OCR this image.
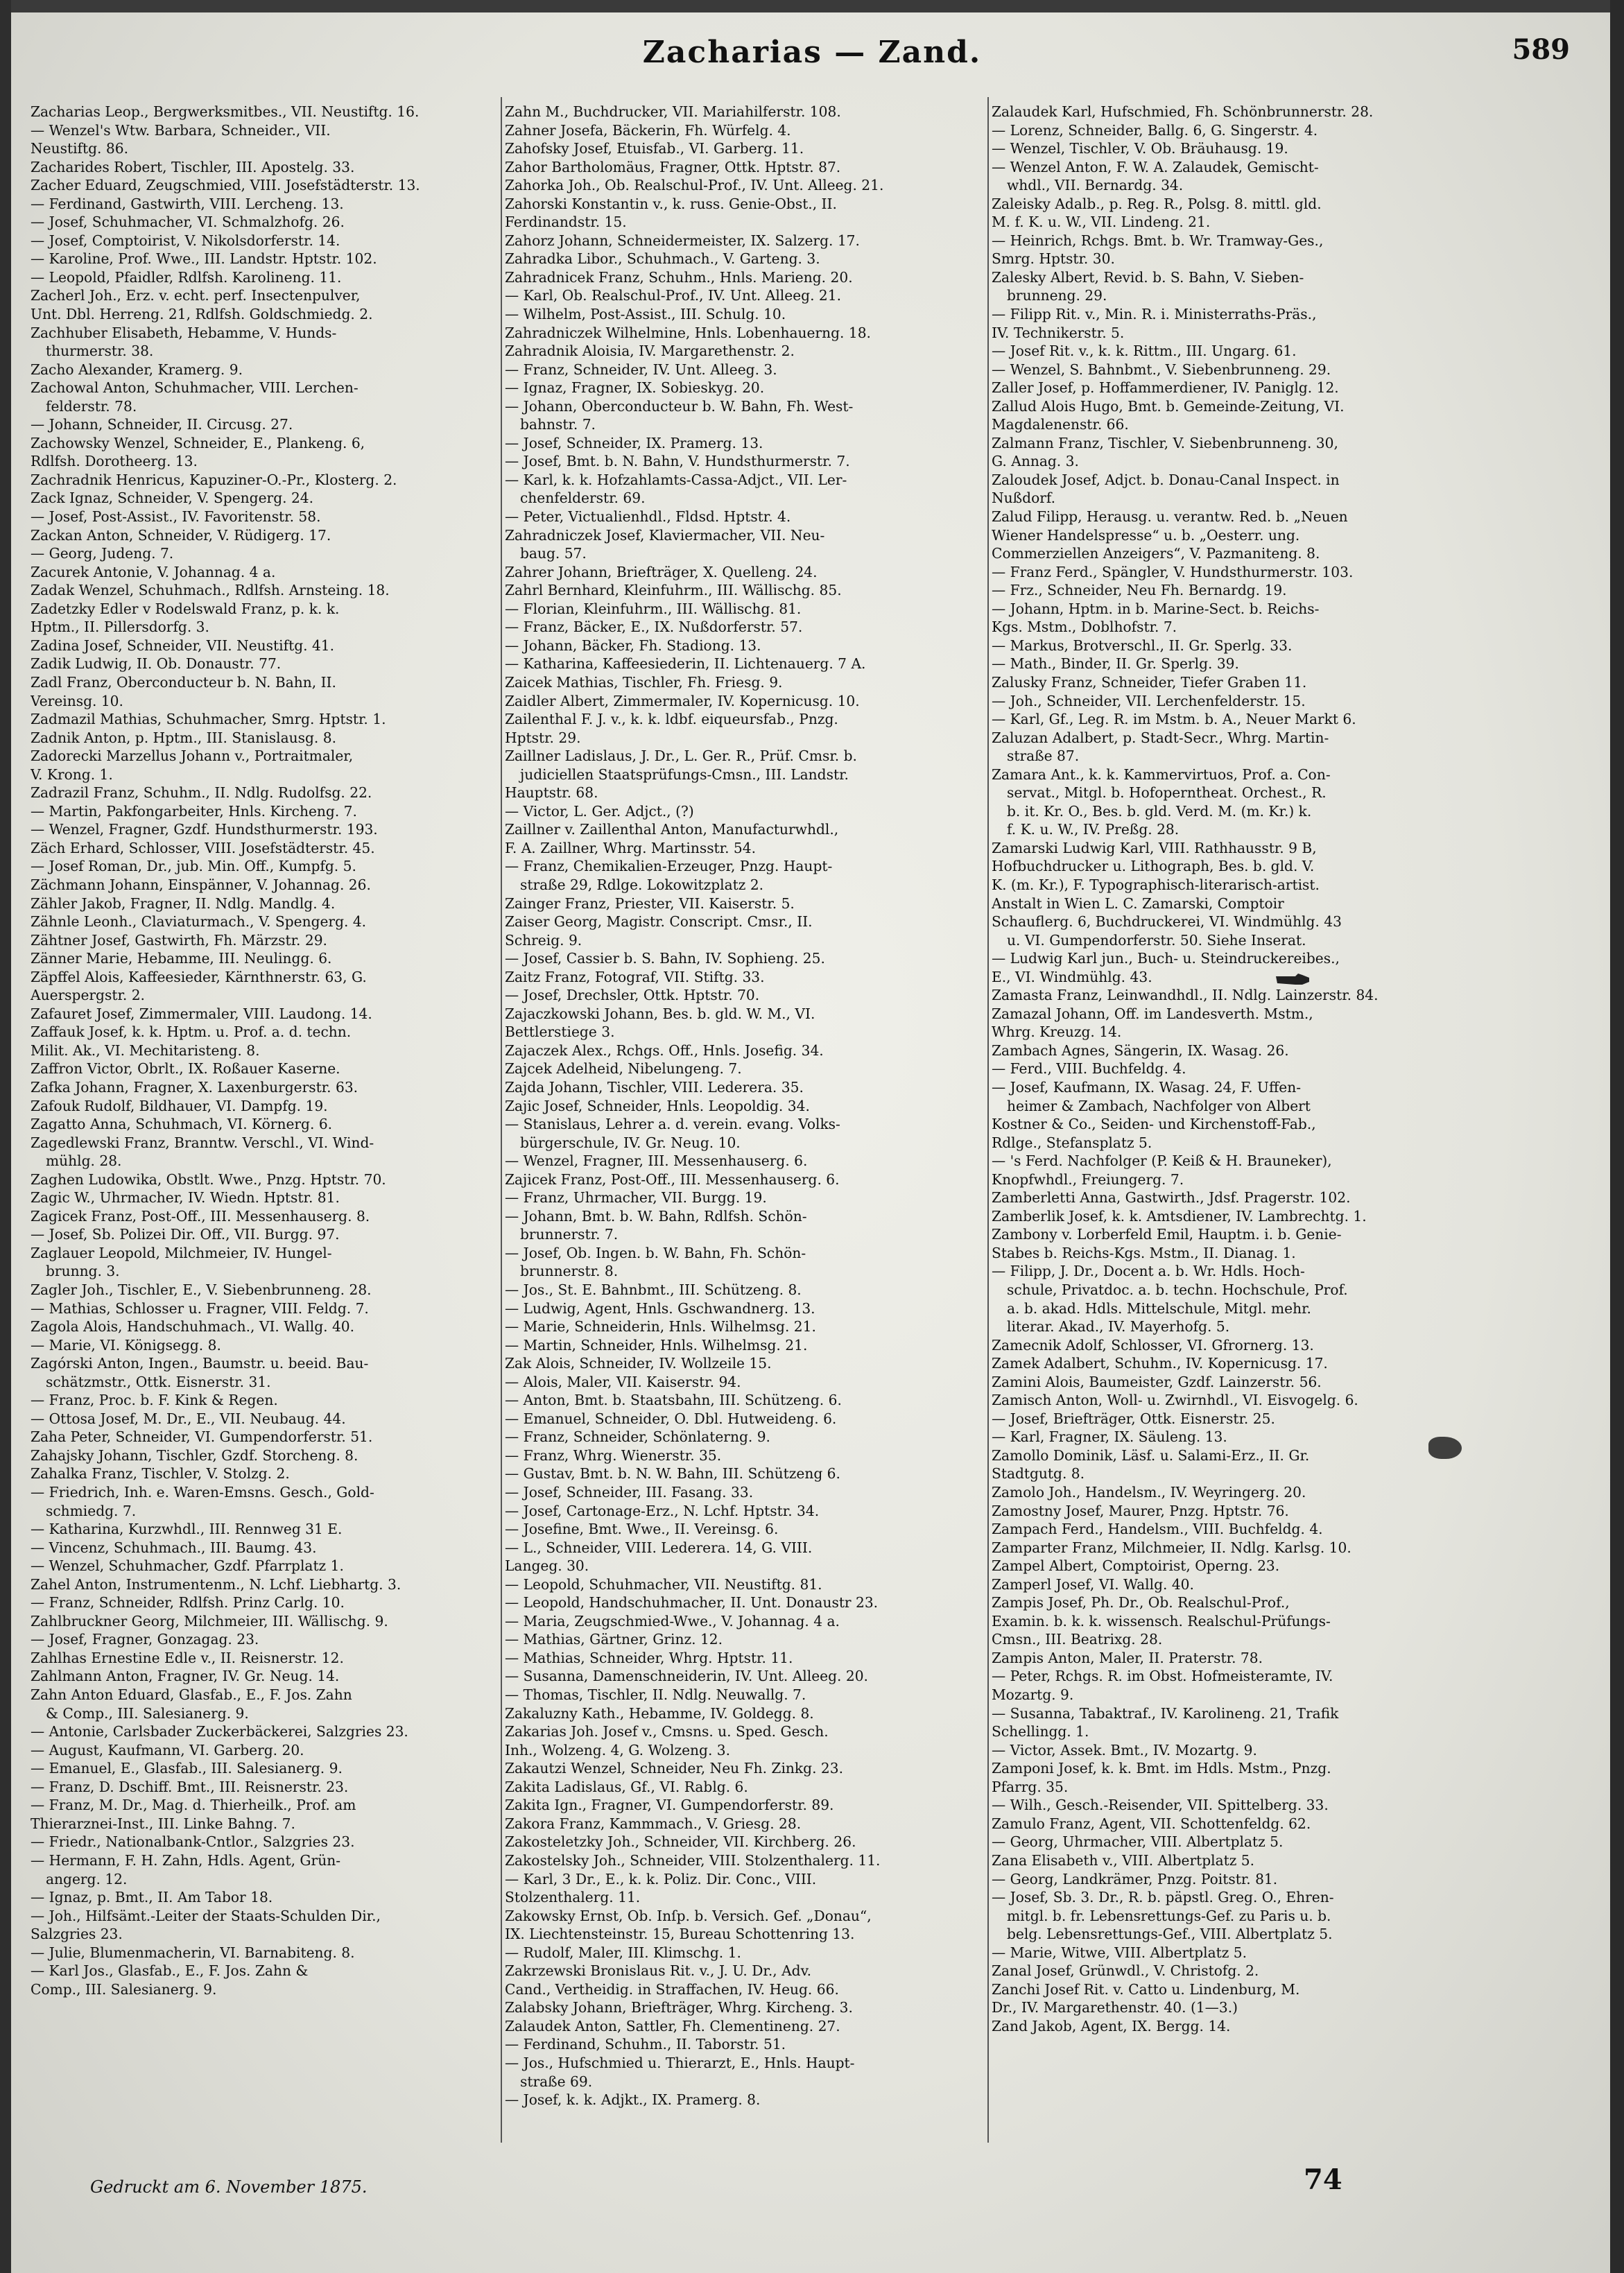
Zacharias — Zand.	589
Zacharias Leop., Bergwerksmitbes., VII. Neustiftg. 16.
— Wenzel's Wtw. Barbara, Schneider., VII.
Neustiftg. 86.
Zacharides Robert, Tischler, III. Apostelg. 33.
Zacher Eduard, Zeugschmied, VIII. Josefstädterstr. 13.
— Ferdinand, Gastwirth, VIII. Lercheng. 13.
— Josef, Schuhmacher, VI. Schmalzhofg. 26.
— Josef, Comptoirist, V. Nikolsdorferstr. 14.
— Karoline, Prof. Wwe., III. Landstr. Hptstr. 102.
— Leopold, Pfaidler, Rdlfsh. Karolineng. 11.
Zacherl Joh., Erz. v. echt. perf. Insectenpulver,
Unt. Dbl. Herreng. 21, Rdlfsh. Goldschmiedg. 2.
Zachhuber Elisabeth, Hebamme, V. Hunds-
thurmerstr. 38.
Zacho Alexander, Kramerg. 9.
Zachowal Anton, Schuhmacher, VIII. Lerchen-
felderstr. 78.
— Johann, Schneider, II. Circusg. 27.
Zachowsky Wenzel, Schneider, E., Plankeng. 6,
Rdlfsh. Dorotheerg. 13.
Zachradnik Henricus, Kapuziner-O.-Pr., Klosterg. 2.
Zack Ignaz, Schneider, V. Spengerg. 24.
— Josef, Post-Assist., IV. Favoritenstr. 58.
Zackan Anton, Schneider, V. Rüdigerg. 17.
— Georg, Judeng. 7.
Zacurek Antonie, V. Johannag. 4 a.
Zadak Wenzel, Schuhmach., Rdlfsh. Arnsteing. 18.
Zadetzky Edler v Rodelswald Franz, p. k. k.
Hptm., II. Pillersdorfg. 3.
Zadina Josef, Schneider, VII. Neustiftg. 41.
Zadik Ludwig, II. Ob. Donaustr. 77.
Zadl Franz, Oberconducteur b. N. Bahn, II.
Vereinsg. 10.
Zadmazil Mathias, Schuhmacher, Smrg. Hptstr. 1.
Zadnik Anton, p. Hptm., III. Stanislausg. 8.
Zadorecki Marzellus Johann v., Portraitmaler,
V. Krong. 1.
Zadrazil Franz, Schuhm., II. Ndlg. Rudolfsg. 22.
— Martin, Pakfongarbeiter, Hnls. Kircheng. 7.
— Wenzel, Fragner, Gzdf. Hundsthurmerstr. 193.
Zäch Erhard, Schlosser, VIII. Josefstädterstr. 45.
— Josef Roman, Dr., jub. Min. Off., Kumpfg. 5.
Zächmann Johann, Einspänner, V. Johannag. 26.
Zähler Jakob, Fragner, II. Ndlg. Mandlg. 4.
Zähnle Leonh., Claviaturmach., V. Spengerg. 4.
Zähtner Josef, Gastwirth, Fh. Märzstr. 29.
Zänner Marie, Hebamme, III. Neulingg. 6.
Zäpffel Alois, Kaffeesieder, Kärnthnerstr. 63, G.
Auerspergstr. 2.
Zafauret Josef, Zimmermaler, VIII. Laudong. 14.
Zaffauk Josef, k. k. Hptm. u. Prof. a. d. techn.
Milit. Ak., VI. Mechitaristeng. 8.
Zaffron Victor, Obrlt., IX. Roßauer Kaserne.
Zafka Johann, Fragner, X. Laxenburgerstr. 63.
Zafouk Rudolf, Bildhauer, VI. Dampfg. 19.
Zagatto Anna, Schuhmach, VI. Körnerg. 6.
Zagedlewski Franz, Branntw. Verschl., VI. Wind-
mühlg. 28.
Zaghen Ludowika, Obstlt. Wwe., Pnzg. Hptstr. 70.
Zagic W., Uhrmacher, IV. Wiedn. Hptstr. 81.
Zagicek Franz, Post-Off., III. Messenhauserg. 8.
— Josef, Sb. Polizei Dir. Off., VII. Burgg. 97.
Zaglauer Leopold, Milchmeier, IV. Hungel-
brunng. 3.
Zagler Joh., Tischler, E., V. Siebenbrunneng. 28.
— Mathias, Schlosser u. Fragner, VIII. Feldg. 7.
Zagola Alois, Handschuhmach., VI. Wallg. 40.
— Marie, VI. Königsegg. 8.
Zagórski Anton, Ingen., Baumstr. u. beeid. Bau-
schätzmstr., Ottk. Eisnerstr. 31.
— Franz, Proc. b. F. Kink & Regen.
— Ottosa Josef, M. Dr., E., VII. Neubaug. 44.
Zaha Peter, Schneider, VI. Gumpendorferstr. 51.
Zahajsky Johann, Tischler, Gzdf. Storcheng. 8.
Zahalka Franz, Tischler, V. Stolzg. 2.
— Friedrich, Inh. e. Waren-Emsns. Gesch., Gold-
schmiedg. 7.
— Katharina, Kurzwhdl., III. Rennweg 31 E.
— Vincenz, Schuhmach., III. Baumg. 43.
— Wenzel, Schuhmacher, Gzdf. Pfarrplatz 1.
Zahel Anton, Instrumentenm., N. Lchf. Liebhartg. 3.
— Franz, Schneider, Rdlfsh. Prinz Carlg. 10.
Zahlbruckner Georg, Milchmeier, III. Wällischg. 9.
— Josef, Fragner, Gonzagag. 23.
Zahlhas Ernestine Edle v., II. Reisnerstr. 12.
Zahlmann Anton, Fragner, IV. Gr. Neug. 14.
Zahn Anton Eduard, Glasfab., E., F. Jos. Zahn
& Comp., III. Salesianerg. 9.
— Antonie, Carlsbader Zuckerbäckerei, Salzgries 23.
— August, Kaufmann, VI. Garberg. 20.
— Emanuel, E., Glasfab., III. Salesianerg. 9.
— Franz, D. Dschiff. Bmt., III. Reisnerstr. 23.
— Franz, M. Dr., Mag. d. Thierheilk., Prof. am
Thierarznei-Inst., III. Linke Bahng. 7.
— Friedr., Nationalbank-Cntlor., Salzgries 23.
— Hermann, F. H. Zahn, Hdls. Agent, Grün-
angerg. 12.
— Ignaz, p. Bmt., II. Am Tabor 18.
— Joh., Hilfsämt.-Leiter der Staats-Schulden Dir.,
Salzgries 23.
— Julie, Blumenmacherin, VI. Barnabiteng. 8.
— Karl Jos., Glasfab., E., F. Jos. Zahn &
Comp., III. Salesianerg. 9.
Zahn M., Buchdrucker, VII. Mariahilferstr. 108.
Zahner Josefa, Bäckerin, Fh. Würfelg. 4.
Zahofsky Josef, Etuisfab., VI. Garberg. 11.
Zahor Bartholomäus, Fragner, Ottk. Hptstr. 87.
Zahorka Joh., Ob. Realschul-Prof., IV. Unt. Alleeg. 21.
Zahorski Konstantin v., k. russ. Genie-Obst., II.
Ferdinandstr. 15.
Zahorz Johann, Schneidermeister, IX. Salzerg. 17.
Zahradka Libor., Schuhmach., V. Garteng. 3.
Zahradnicek Franz, Schuhm., Hnls. Marieng. 20.
— Karl, Ob. Realschul-Prof., IV. Unt. Alleeg. 21.
— Wilhelm, Post-Assist., III. Schulg. 10.
Zahradniczek Wilhelmine, Hnls. Lobenhauerng. 18.
Zahradnik Aloisia, IV. Margarethenstr. 2.
— Franz, Schneider, IV. Unt. Alleeg. 3.
— Ignaz, Fragner, IX. Sobieskyg. 20.
— Johann, Oberconducteur b. W. Bahn, Fh. West-
bahnstr. 7.
— Josef, Schneider, IX. Pramerg. 13.
— Josef, Bmt. b. N. Bahn, V. Hundsthurmerstr. 7.
— Karl, k. k. Hofzahlamts-Cassa-Adjct., VII. Ler-
chenfelderstr. 69.
— Peter, Victualienhdl., Fldsd. Hptstr. 4.
Zahradniczek Josef, Klaviermacher, VII. Neu-
baug. 57.
Zahrer Johann, Briefträger, X. Quelleng. 24.
Zahrl Bernhard, Kleinfuhrm., III. Wällischg. 85.
— Florian, Kleinfuhrm., III. Wällischg. 81.
— Franz, Bäcker, E., IX. Nußdorferstr. 57.
— Johann, Bäcker, Fh. Stadiong. 13.
— Katharina, Kaffeesiederin, II. Lichtenauerg. 7 A.
Zaicek Mathias, Tischler, Fh. Friesg. 9.
Zaidler Albert, Zimmermaler, IV. Kopernicusg. 10.
Zailenthal F. J. v., k. k. ldbf. eiqueursfab., Pnzg.
Hptstr. 29.
Zaillner Ladislaus, J. Dr., L. Ger. R., Prüf. Cmsr. b.
judiciellen Staatsprüfungs-Cmsn., III. Landstr.
Hauptstr. 68.
— Victor, L. Ger. Adjct., (?)
Zaillner v. Zaillenthal Anton, Manufacturwhdl.,
F. A. Zaillner, Whrg. Martinsstr. 54.
— Franz, Chemikalien-Erzeuger, Pnzg. Haupt-
straße 29, Rdlge. Lokowitzplatz 2.
Zainger Franz, Priester, VII. Kaiserstr. 5.
Zaiser Georg, Magistr. Conscript. Cmsr., II.
Schreig. 9.
— Josef, Cassier b. S. Bahn, IV. Sophieng. 25.
Zaitz Franz, Fotograf, VII. Stiftg. 33.
— Josef, Drechsler, Ottk. Hptstr. 70.
Zajaczkowski Johann, Bes. b. gld. W. M., VI.
Bettlerstiege 3.
Zajaczek Alex., Rchgs. Off., Hnls. Josefig. 34.
Zajcek Adelheid, Nibelungeng. 7.
Zajda Johann, Tischler, VIII. Lederera. 35.
Zajic Josef, Schneider, Hnls. Leopoldig. 34.
— Stanislaus, Lehrer a. d. verein. evang. Volks-
bürgerschule, IV. Gr. Neug. 10.
— Wenzel, Fragner, III. Messenhauserg. 6.
Zajicek Franz, Post-Off., III. Messenhauserg. 6.
— Franz, Uhrmacher, VII. Burgg. 19.
— Johann, Bmt. b. W. Bahn, Rdlfsh. Schön-
brunnerstr. 7.
— Josef, Ob. Ingen. b. W. Bahn, Fh. Schön-
brunnerstr. 8.
— Jos., St. E. Bahnbmt., III. Schützeng. 8.
— Ludwig, Agent, Hnls. Gschwandnerg. 13.
— Marie, Schneiderin, Hnls. Wilhelmsg. 21.
— Martin, Schneider, Hnls. Wilhelmsg. 21.
Zak Alois, Schneider, IV. Wollzeile 15.
— Alois, Maler, VII. Kaiserstr. 94.
— Anton, Bmt. b. Staatsbahn, III. Schützeng. 6.
— Emanuel, Schneider, O. Dbl. Hutweideng. 6.
— Franz, Schneider, Schönlaterng. 9.
— Franz, Whrg. Wienerstr. 35.
— Gustav, Bmt. b. N. W. Bahn, III. Schützeng 6.
— Josef, Schneider, III. Fasang. 33.
— Josef, Cartonage-Erz., N. Lchf. Hptstr. 34.
— Josefine, Bmt. Wwe., II. Vereinsg. 6.
— L., Schneider, VIII. Lederera. 14, G. VIII.
Langeg. 30.
— Leopold, Schuhmacher, VII. Neustiftg. 81.
— Leopold, Handschuhmacher, II. Unt. Donaustr 23.
— Maria, Zeugschmied-Wwe., V. Johannag. 4 a.
— Mathias, Gärtner, Grinz. 12.
— Mathias, Schneider, Whrg. Hptstr. 11.
— Susanna, Damenschneiderin, IV. Unt. Alleeg. 20.
— Thomas, Tischler, II. Ndlg. Neuwallg. 7.
Zakaluzny Kath., Hebamme, IV. Goldegg. 8.
Zakarias Joh. Josef v., Cmsns. u. Sped. Gesch.
Inh., Wolzeng. 4, G. Wolzeng. 3.
Zakautzi Wenzel, Schneider, Neu Fh. Zinkg. 23.
Zakita Ladislaus, Gf., VI. Rablg. 6.
Zakita Ign., Fragner, VI. Gumpendorferstr. 89.
Zakora Franz, Kammmach., V. Griesg. 28.
Zakosteletzky Joh., Schneider, VII. Kirchberg. 26.
Zakostelsky Joh., Schneider, VIII. Stolzenthalerg. 11.
— Karl, 3 Dr., E., k. k. Poliz. Dir. Conc., VIII.
Stolzenthalerg. 11.
Zakowsky Ernst, Ob. Inſp. b. Versich. Gef. „Donau“,
IX. Liechtensteinstr. 15, Bureau Schottenring 13.
— Rudolf, Maler, III. Klimschg. 1.
Zakrzewski Bronislaus Rit. v., J. U. Dr., Adv.
Cand., Vertheidig. in Straffachen, IV. Heug. 66.
Zalabsky Johann, Briefträger, Whrg. Kircheng. 3.
Zalaudek Anton, Sattler, Fh. Clementineng. 27.
— Ferdinand, Schuhm., II. Taborstr. 51.
— Jos., Hufschmied u. Thierarzt, E., Hnls. Haupt-
straße 69.
— Josef, k. k. Adjkt., IX. Pramerg. 8.
Zalaudek Karl, Hufschmied, Fh. Schönbrunnerstr. 28.
— Lorenz, Schneider, Ballg. 6, G. Singerstr. 4.
— Wenzel, Tischler, V. Ob. Bräuhausg. 19.
— Wenzel Anton, F. W. A. Zalaudek, Gemischt-
whdl., VII. Bernardg. 34.
Zaleisky Adalb., p. Reg. R., Polsg. 8. mittl. gld.
M. f. K. u. W., VII. Lindeng. 21.
— Heinrich, Rchgs. Bmt. b. Wr. Tramway-Ges.,
Smrg. Hptstr. 30.
Zalesky Albert, Revid. b. S. Bahn, V. Sieben-
brunneng. 29.
— Filipp Rit. v., Min. R. i. Ministerraths-Präs.,
IV. Technikerstr. 5.
— Josef Rit. v., k. k. Rittm., III. Ungarg. 61.
— Wenzel, S. Bahnbmt., V. Siebenbrunneng. 29.
Zaller Josef, p. Hoffammerdiener, IV. Paniglg. 12.
Zallud Alois Hugo, Bmt. b. Gemeinde-Zeitung, VI.
Magdalenenstr. 66.
Zalmann Franz, Tischler, V. Siebenbrunneng. 30,
G. Annag. 3.
Zaloudek Josef, Adjct. b. Donau-Canal Inspect. in
Nußdorf.
Zalud Filipp, Herausg. u. verantw. Red. b. „Neuen
Wiener Handelspresse“ u. b. „Oesterr. ung.
Commerziellen Anzeigers“, V. Pazmaniteng. 8.
— Franz Ferd., Spängler, V. Hundsthurmerstr. 103.
— Frz., Schneider, Neu Fh. Bernardg. 19.
— Johann, Hptm. in b. Marine-Sect. b. Reichs-
Kgs. Mstm., Doblhofstr. 7.
— Markus, Brotverschl., II. Gr. Sperlg. 33.
— Math., Binder, II. Gr. Sperlg. 39.
Zalusky Franz, Schneider, Tiefer Graben 11.
— Joh., Schneider, VII. Lerchenfelderstr. 15.
— Karl, Gf., Leg. R. im Mstm. b. A., Neuer Markt 6.
Zaluzan Adalbert, p. Stadt-Secr., Whrg. Martin-
straße 87.
Zamara Ant., k. k. Kammervirtuos, Prof. a. Con-
servat., Mitgl. b. Hofoperntheat. Orchest., R.
b. it. Kr. O., Bes. b. gld. Verd. M. (m. Kr.) k.
f. K. u. W., IV. Preßg. 28.
Zamarski Ludwig Karl, VIII. Rathhausstr. 9 B,
Hofbuchdrucker u. Lithograph, Bes. b. gld. V.
K. (m. Kr.), F. Typographisch-literarisch-artist.
Anstalt in Wien L. C. Zamarski, Comptoir
Schauflerg. 6, Buchdruckerei, VI. Windmühlg. 43
u. VI. Gumpendorferstr. 50. Siehe Inserat.
— Ludwig Karl jun., Buch- u. Steindruckereibes.,
E., VI. Windmühlg. 43.
Zamasta Franz, Leinwandhdl., II. Ndlg. Lainzerstr. 84.
Zamazal Johann, Off. im Landesverth. Mstm.,
Whrg. Kreuzg. 14.
Zambach Agnes, Sängerin, IX. Wasag. 26.
— Ferd., VIII. Buchfeldg. 4.
— Josef, Kaufmann, IX. Wasag. 24, F. Uffen-
heimer & Zambach, Nachfolger von Albert
Kostner & Co., Seiden- und Kirchenstoff-Fab.,
Rdlge., Stefansplatz 5.
— 's Ferd. Nachfolger (P. Keiß & H. Brauneker),
Knopfwhdl., Freiungerg. 7.
Zamberletti Anna, Gastwirth., Jdsf. Pragerstr. 102.
Zamberlik Josef, k. k. Amtsdiener, IV. Lambrechtg. 1.
Zambony v. Lorberfeld Emil, Hauptm. i. b. Genie-
Stabes b. Reichs-Kgs. Mstm., II. Dianag. 1.
— Filipp, J. Dr., Docent a. b. Wr. Hdls. Hoch-
schule, Privatdoc. a. b. techn. Hochschule, Prof.
a. b. akad. Hdls. Mittelschule, Mitgl. mehr.
literar. Akad., IV. Mayerhofg. 5.
Zamecnik Adolf, Schlosser, VI. Gfrornerg. 13.
Zamek Adalbert, Schuhm., IV. Kopernicusg. 17.
Zamini Alois, Baumeister, Gzdf. Lainzerstr. 56.
Zamisch Anton, Woll- u. Zwirnhdl., VI. Eisvogelg. 6.
— Josef, Briefträger, Ottk. Eisnerstr. 25.
— Karl, Fragner, IX. Säuleng. 13.
Zamollo Dominik, Läsf. u. Salami-Erz., II. Gr.
Stadtgutg. 8.
Zamolo Joh., Handelsm., IV. Weyringerg. 20.
Zamostny Josef, Maurer, Pnzg. Hptstr. 76.
Zampach Ferd., Handelsm., VIII. Buchfeldg. 4.
Zamparter Franz, Milchmeier, II. Ndlg. Karlsg. 10.
Zampel Albert, Comptoirist, Operng. 23.
Zamperl Josef, VI. Wallg. 40.
Zampis Josef, Ph. Dr., Ob. Realschul-Prof.,
Examin. b. k. k. wissensch. Realschul-Prüfungs-
Cmsn., III. Beatrixg. 28.
Zampis Anton, Maler, II. Praterstr. 78.
— Peter, Rchgs. R. im Obst. Hofmeisteramte, IV.
Mozartg. 9.
— Susanna, Tabaktraf., IV. Karolineng. 21, Trafik
Schellingg. 1.
— Victor, Assek. Bmt., IV. Mozartg. 9.
Zamponi Josef, k. k. Bmt. im Hdls. Mstm., Pnzg.
Pfarrg. 35.
— Wilh., Gesch.-Reisender, VII. Spittelberg. 33.
Zamulo Franz, Agent, VII. Schottenfeldg. 62.
— Georg, Uhrmacher, VIII. Albertplatz 5.
Zana Elisabeth v., VIII. Albertplatz 5.
— Georg, Landkrämer, Pnzg. Poitstr. 81.
— Josef, Sb. 3. Dr., R. b. päpstl. Greg. O., Ehren-
mitgl. b. fr. Lebensrettungs-Gef. zu Paris u. b.
belg. Lebensrettungs-Gef., VIII. Albertplatz 5.
— Marie, Witwe, VIII. Albertplatz 5.
Zanal Josef, Grünwdl., V. Christofg. 2.
Zanchi Josef Rit. v. Catto u. Lindenburg, M.
Dr., IV. Margarethenstr. 40. (1—3.)
Zand Jakob, Agent, IX. Bergg. 14.
Gedruckt am 6. November 1875.	74
